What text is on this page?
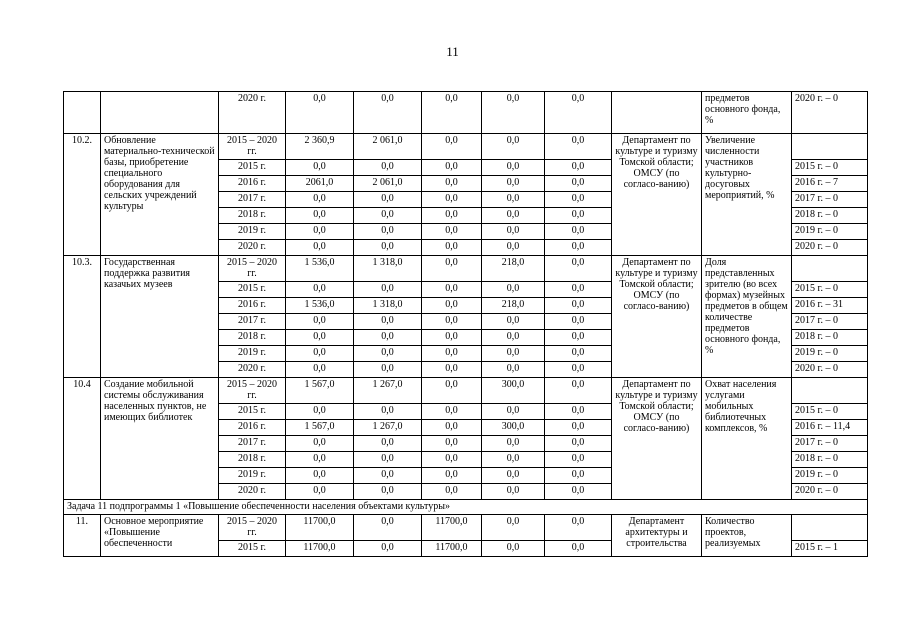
11
		2020 г.	0,0	0,0	0,0	0,0	0,0		предметов основного фонда, %	2020 г. – 0
10.2.	Обновление материально-технической базы, приобретение специального оборудования для сельских учреждений культуры	2015 – 2020 гг.	2 360,9	2 061,0	0,0	0,0	0,0	Департамент по культуре и туризму Томской области; ОМСУ (по согласо-ванию)	Увеличение численности участников культурно-досуговых мероприятий, %	
		2015 г.	0,0	0,0	0,0	0,0	0,0			2015 г. – 0
		2016 г.	2061,0	2 061,0	0,0	0,0	0,0			2016 г. – 7
		2017 г.	0,0	0,0	0,0	0,0	0,0			2017 г. – 0
		2018 г.	0,0	0,0	0,0	0,0	0,0			2018 г. – 0
		2019 г.	0,0	0,0	0,0	0,0	0,0			2019 г. – 0
		2020 г.	0,0	0,0	0,0	0,0	0,0			2020 г. – 0
10.3.	Государственная поддержка развития казачьих музеев	2015 – 2020 гг.	1 536,0	1 318,0	0,0	218,0	0,0	Департамент по культуре и туризму Томской области; ОМСУ (по согласо-ванию)	Доля представленных зрителю (во всех формах) музейных предметов в общем количестве предметов основного фонда, %	
		2015 г.	0,0	0,0	0,0	0,0	0,0			2015 г. – 0
		2016 г.	1 536,0	1 318,0	0,0	218,0	0,0			2016 г. – 31
		2017 г.	0,0	0,0	0,0	0,0	0,0			2017 г. – 0
		2018 г.	0,0	0,0	0,0	0,0	0,0			2018 г. – 0
		2019 г.	0,0	0,0	0,0	0,0	0,0			2019 г. – 0
		2020 г.	0,0	0,0	0,0	0,0	0,0			2020 г. – 0
10.4	Создание мобильной системы обслуживания населенных пунктов, не имеющих библиотек	2015 – 2020 гг.	1 567,0	1 267,0	0,0	300,0	0,0	Департамент по культуре и туризму Томской области; ОМСУ (по согласо-ванию)	Охват населения услугами мобильных библиотечных комплексов, %	
		2015 г.	0,0	0,0	0,0	0,0	0,0			2015 г. – 0
		2016 г.	1 567,0	1 267,0	0,0	300,0	0,0			2016 г. – 11,4
		2017 г.	0,0	0,0	0,0	0,0	0,0			2017 г. – 0
		2018 г.	0,0	0,0	0,0	0,0	0,0			2018 г. – 0
		2019 г.	0,0	0,0	0,0	0,0	0,0			2019 г. – 0
		2020 г.	0,0	0,0	0,0	0,0	0,0			2020 г. – 0
Задача 11 подпрограммы 1 «Повышение обеспеченности населения объектами культуры»										
11.	Основное мероприятие «Повышение обеспеченности	2015 – 2020 гг.	11700,0	0,0	11700,0	0,0	0,0	Департамент архитектуры и строительства	Количество проектов, реализуемых	
		2015 г.	11700,0	0,0	11700,0	0,0	0,0			2015 г. – 1
